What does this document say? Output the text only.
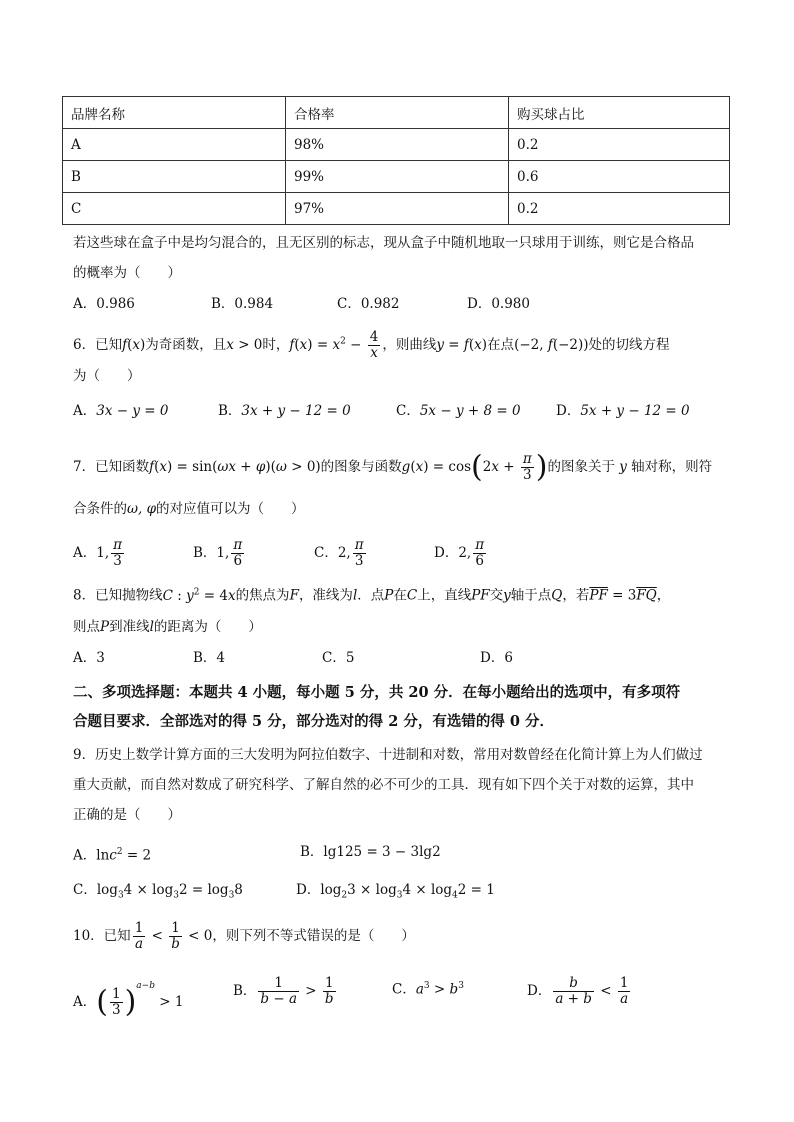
品牌名称	合格率	购买球占比
A	98%	0.2
B	99%	0.6
C	97%	0.2
若这些球在盒子中是均匀混合的，且无区别的标志，现从盒子中随机地取一只球用于训练，则它是合格品
的概率为（　　）
A．0.986	B．0.984	C．0.982	D．0.980
6．已知f(x)为奇函数，且x > 0时，$f(x) = x^2 - \frac{4}{x}$ ，则曲线y = f(x)在点(−2, f(−2))处的切线方程
为（　　）
A．3x − y = 0	B．3x + y − 12 = 0	C．5x − y + 8 = 0	D．5x + y − 12 = 0
7．已知函数f(x) = sin(ωx + φ)(ω > 0)的图象与函数$g(x) = \cos(2x + \frac{\pi}{3}$ )的图象关于 y 轴对称，则符
合条件的ω, φ的对应值可以为（　　）
A．1, $\frac{\pi}{3}$	B．1, $\frac{\pi}{6}$	C．2, $\frac{\pi}{3}$	D．2, $\frac{\pi}{6}$
8．已知抛物线C : $y^2 = 4x$的焦点为F，准线为l．点P在C上，直线PF交y轴于点Q，若$\overline{PF} = 3\overline{FQ}$，
则点P到准线l的距离为（　　）
A．3	B．4	C．5	D．6
二、多项选择题：本题共 4 小题，每小题 5 分，共 20 分．在每小题给出的选项中，有多项符
合题目要求．全部选对的得 5 分，部分选对的得 2 分，有选错的得 0 分．
9．历史上数学计算方面的三大发明为阿拉伯数字、十进制和对数，常用对数曾经在化简计算上为人们做过
重大贡献，而自然对数成了研究科学、了解自然的必不可少的工具．现有如下四个关于对数的运算，其中
正确的是（　　）
A．lnc$^2$ = 2	B．lg125 = 3 − 3lg2
C．$\log_34 \times \log_32 = \log_38$	D．$\log_23 \times \log_34 \times \log_42 = 1$
10．已知 $\frac{1}{a} < \frac{1}{b} < 0$，则下列不等式错误的是（　　）
A．( $\frac{1}{3} )^{a-b} > 1$
B． $\frac{1}{b - a} > \frac{1}{b}$	C．$a^3 > b^3$	D． $\frac{b}{a + b} < \frac{1}{a}$
